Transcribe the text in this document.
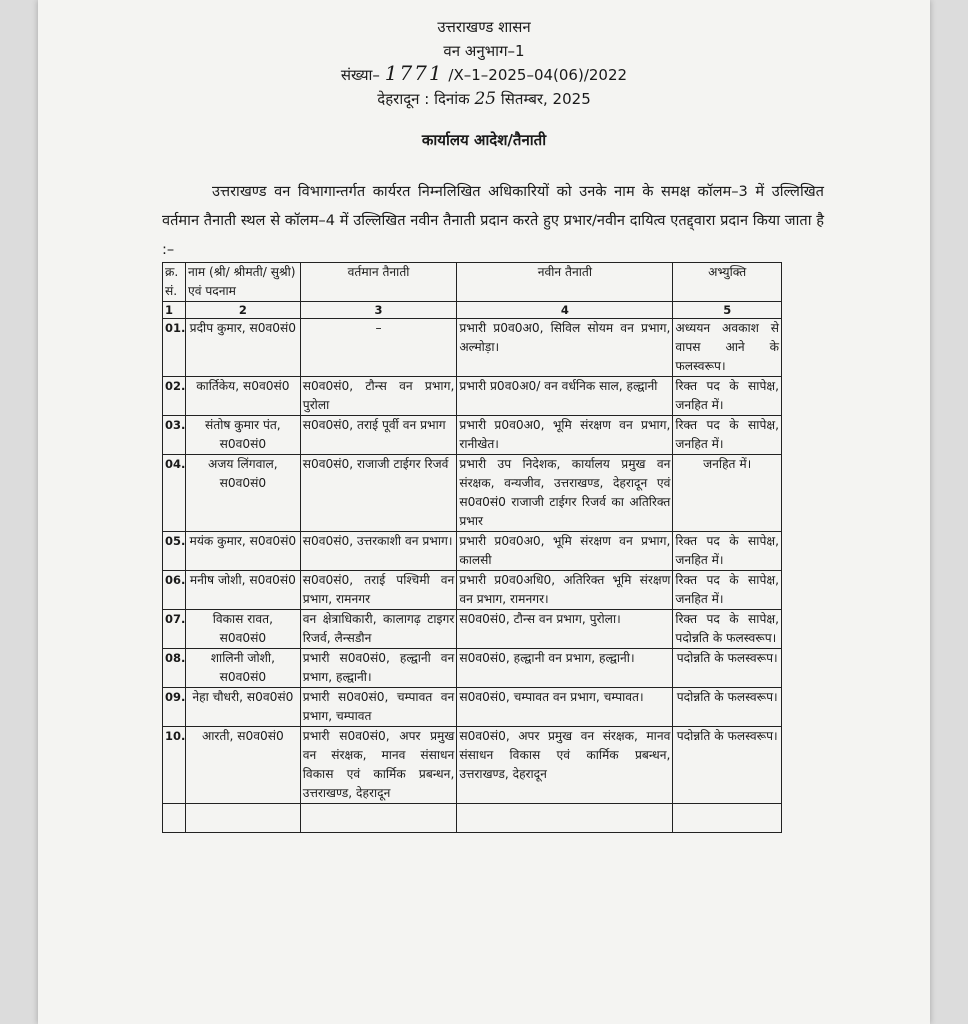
उत्तराखण्ड शासन
वन अनुभाग–1
संख्या– 1771 /X–1–2025–04(06)/2022
देहरादून : दिनांक 25 सितम्बर, 2025
कार्यालय आदेश/तैनाती
उत्तराखण्ड वन विभागान्तर्गत कार्यरत निम्नलिखित अधिकारियों को उनके नाम के समक्ष कॉलम–3 में उल्लिखित वर्तमान तैनाती स्थल से कॉलम–4 में उल्लिखित नवीन तैनाती प्रदान करते हुए प्रभार/नवीन दायित्व एतद्द्वारा प्रदान किया जाता है :–
क्र. सं.	नाम (श्री/ श्रीमती/ सुश्री) एवं पदनाम	वर्तमान तैनाती	नवीन तैनाती	अभ्युक्ति
1	2	3	4	5
01.	प्रदीप कुमार, स0व0सं0	–	प्रभारी प्र0व0अ0, सिविल सोयम वन प्रभाग, अल्मोड़ा।	अध्ययन अवकाश से वापस आने के फलस्वरूप।
02.	कार्तिकेय, स0व0सं0	स0व0सं0, टौन्स वन प्रभाग, पुरोला	प्रभारी प्र0व0अ0/ वन वर्धनिक साल, हल्द्वानी	रिक्त पद के सापेक्ष, जनहित में।
03.	संतोष कुमार पंत, स0व0सं0	स0व0सं0, तराई पूर्वी वन प्रभाग	प्रभारी प्र0व0अ0, भूमि संरक्षण वन प्रभाग, रानीखेत।	रिक्त पद के सापेक्ष, जनहित में।
04.	अजय लिंगवाल, स0व0सं0	स0व0सं0, राजाजी टाईगर रिजर्व	प्रभारी उप निदेशक, कार्यालय प्रमुख वन संरक्षक, वन्यजीव, उत्तराखण्ड, देहरादून एवं स0व0सं0 राजाजी टाईगर रिजर्व का अतिरिक्त प्रभार	जनहित में।
05.	मयंक कुमार, स0व0सं0	स0व0सं0, उत्तरकाशी वन प्रभाग।	प्रभारी प्र0व0अ0, भूमि संरक्षण वन प्रभाग, कालसी	रिक्त पद के सापेक्ष, जनहित में।
06.	मनीष जोशी, स0व0सं0	स0व0सं0, तराई पश्चिमी वन प्रभाग, रामनगर	प्रभारी प्र0व0अधि0, अतिरिक्त भूमि संरक्षण वन प्रभाग, रामनगर।	रिक्त पद के सापेक्ष, जनहित में।
07.	विकास रावत, स0व0सं0	वन क्षेत्राधिकारी, कालागढ़ टाइगर रिजर्व, लैन्सडौन	स0व0सं0, टौन्स वन प्रभाग, पुरोला।	रिक्त पद के सापेक्ष, पदोन्नति के फलस्वरूप।
08.	शालिनी जोशी, स0व0सं0	प्रभारी स0व0सं0, हल्द्वानी वन प्रभाग, हल्द्वानी।	स0व0सं0, हल्द्वानी वन प्रभाग, हल्द्वानी।	पदोन्नति के फलस्वरूप।
09.	नेहा चौधरी, स0व0सं0	प्रभारी स0व0सं0, चम्पावत वन प्रभाग, चम्पावत	स0व0सं0, चम्पावत वन प्रभाग, चम्पावत।	पदोन्नति के फलस्वरूप।
10.	आरती, स0व0सं0	प्रभारी स0व0सं0, अपर प्रमुख वन संरक्षक, मानव संसाधन विकास एवं कार्मिक प्रबन्धन, उत्तराखण्ड, देहरादून	स0व0सं0, अपर प्रमुख वन संरक्षक, मानव संसाधन विकास एवं कार्मिक प्रबन्धन, उत्तराखण्ड, देहरादून	पदोन्नति के फलस्वरूप।
